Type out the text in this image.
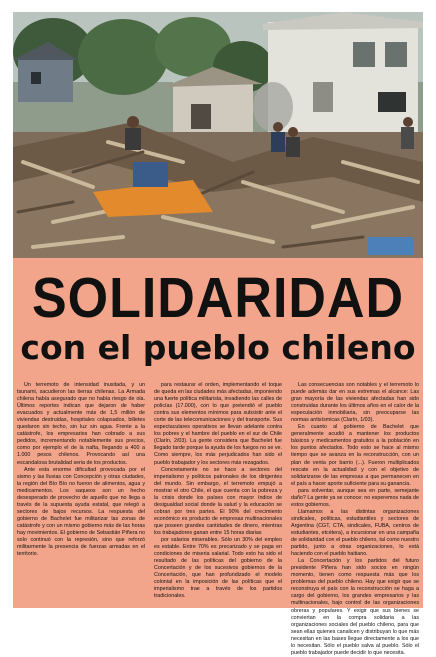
SOLIDARIDAD
con el pueblo chileno

Un terremoto de intensidad inusitada, y un tsunami, sacudieron las tierras chilenas. La Armada chilena había asegurado que no había riesgo de ola. Últimos reportes indican que dejaron de haber evacuados y actualmente más de 1,5 millón de viviendas destruidas, hospitales colapsados, billetes quedaron sin techo, sin luz sin agua. Frente a la catástrofe, los empresarios han cobrado a sus pedidos, incrementando notablemente sus precios, como por ejemplo el de la nafta, llegando a 400 a 1.000 pesos chilenos. Provocando así una escandalosa brutalidad seria de los productos.

Ante esta enorme dificultad provocada por el sismo y las lluvias con Concepción y otras ciudades, la región del Bío Bío no fueron de alimentos, agua y medicamentos. Los saqueos son un hecho desesperado de provecho de aquello que no llega a través de la supuesta ayuda estatal, que relegó a sectores de bajos recursos. La respuesta del gobierno de Bachelet fue militarizar las zonas de catástrofe y con un mismo gobierno más de las horas hay movimientos. El gobierno de Sebastián Piñera no solo continuó con la represión, sino que reforzó militarmente la presencia de fuerzas armadas en el territorio.

para restaurar el orden, implementando el toque de queda en las ciudades más afectadas, imponiendo una fuerte política militarista, invadiendo las calles de policías (17.000), con lo que pretendió el pueblo contra sus elementos mínimos para subsistir ante el corte de las telecomunicaciones y del transporte. Sus espectaculares operativos se llevan adelante contra los pobres y el hambre del pueblo en el sur de Chile (Clarín, 2/03). La gente considera que Bachelet fue llegado tarde porque la ayuda de los fuegos no se ve. Como siempre, los más perjudicados han sido el pueblo trabajador y los sectores más rezagados.

Concretamente no se hace a sectores del imperialismo y políticos patronales de los dirigentes del mundo. Sin embargo, el terremoto empujó a mostrar el otro Chile, el que cuenta con la pobreza y la crisis donde los países con mayor índice de desigualdad social donde la salud y la educación se cobran por tres partes. El 90% del crecimiento económico es producto de empresas multinacionales que poseen grandes cantidades de dinero, mientras los trabajadores ganan entre 15 horas diarias

por salarios miserables. Sólo un 30% del empleo es estable. Entre 70% es precarizado y se paga en condiciones de miseria salarial. Todo esto ha sido el resultado de las políticas del gobierno de la Concertación y de los sucesivos gobiernos de la Concertación, que han profundizado el modelo colonial en la imposición de las políticas que el imperialismo trae a través de los partidos tradicionales.

Las consecuencias son notables y el terremoto lo puede además dar en sus extremas el alcance: Las gran mayoría de las viviendas afectadas han sido construidas durante los últimos años en el calor de la especulación inmobiliaria, sin preocuparse las normas antisísmicas (Clarín, 1/03).

En cuanto al gobierno de Bachelet que generalmente acudió a mantener los productos básicos y medicamentos gratuitos a la población en los puntos afectados. Todo esto se hace al mismo tiempo que se avanza en la reconstrucción, con un plan de venta por barrio (...). Fueron multiplicados rescate en la actualidad y con el objetivo de solidarizarse de las empresas a que permanecen en el país a hacer aporte suficiente para su ganancia.

para solventar, aunque sea en parte, semejante daño? La gente ya se conoce: no esperemos nada de estos gobiernos.

Llamamos a las distintas organizaciones sindicales, políticas, estudiantiles y sectores de Argentina (CGT, CTA, sindicales, FUBA, centros de estudiantes, etcétera), a incursionar en una campaña de solidaridad con el pueblo chileno, tal como nuestro partido, junto a otras organizaciones, lo está haciendo con el pueblo haitiano.

La Concertación y los partidos del futuro presidente Piñera han sido socios en ningún momento, tienen como respuesta más que los problemas del pueblo chileno. Hay que exigir que se reconstruya el país con la reconstrucción se haga a cargo del gobierno, los grandes empresarios y las multinacionales, bajo control de las organizaciones obreras y populares. Y exigir que sus bienes se conviertan en la compra solidaria a las organizaciones sociales del pueblo chileno, para que sean ellas quienes canalicen y distribuyan lo que más necesitan en las bases llegue directamente a los que lo necesitan. Sólo el pueblo salva al pueblo. Sólo el pueblo trabajador puede decidir lo que necesita.
